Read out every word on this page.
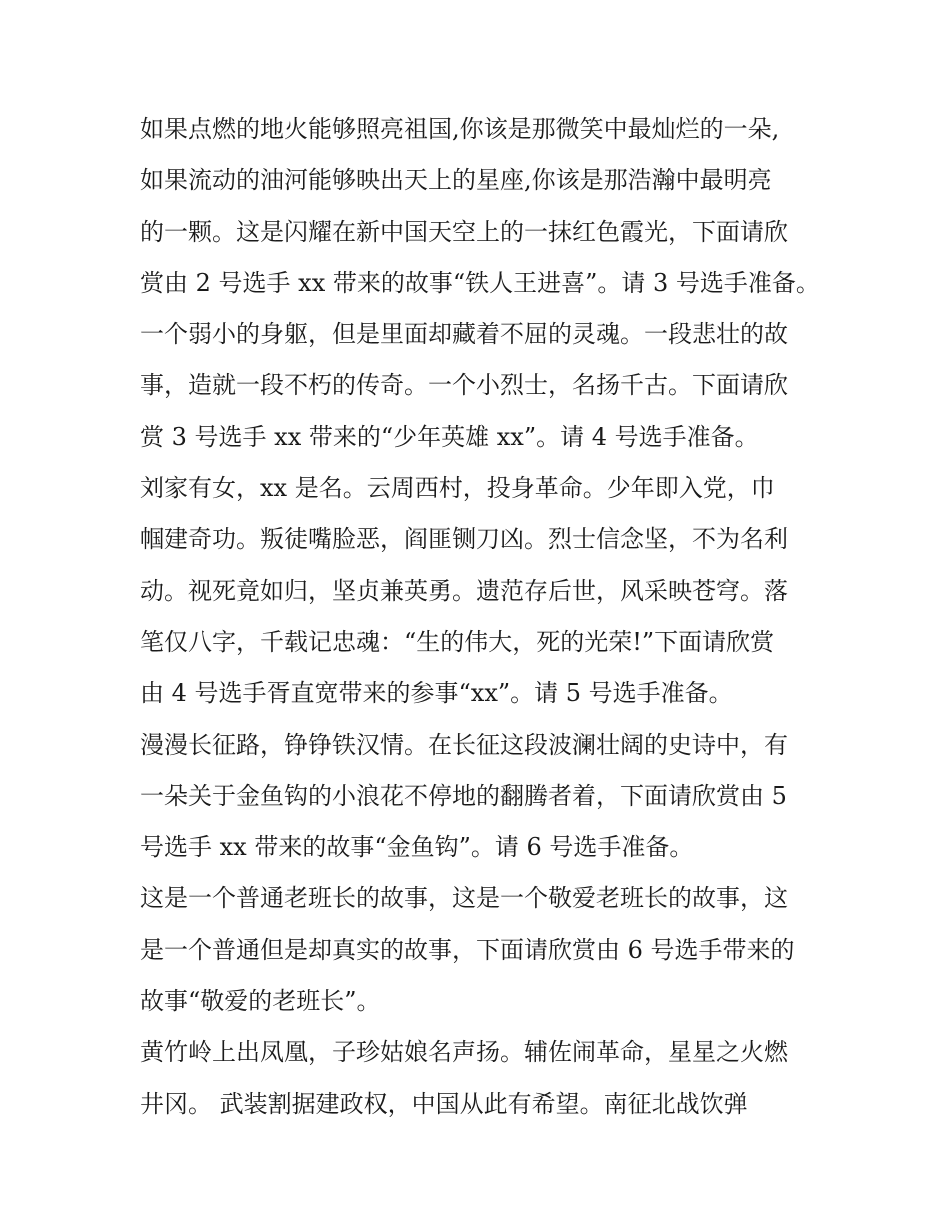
如果点燃的地火能够照亮祖国,你该是那微笑中最灿烂的一朵,
如果流动的油河能够映出天上的星座,你该是那浩瀚中最明亮
的一颗。这是闪耀在新中国天空上的一抹红色霞光，下面请欣
赏由 2 号选手 xx 带来的故事“铁人王进喜”。请 3 号选手准备。
一个弱小的身躯，但是里面却藏着不屈的灵魂。一段悲壮的故
事，造就一段不朽的传奇。一个小烈士，名扬千古。下面请欣
赏 3 号选手 xx 带来的“少年英雄 xx”。请 4 号选手准备。
刘家有女，xx 是名。云周西村，投身革命。少年即入党，巾
帼建奇功。叛徒嘴脸恶，阎匪铡刀凶。烈士信念坚，不为名利
动。视死竟如归，坚贞兼英勇。遗范存后世，风采映苍穹。落
笔仅八字，千载记忠魂：“生的伟大，死的光荣!”下面请欣赏
由 4 号选手胥直宽带来的参事“xx”。请 5 号选手准备。
漫漫长征路，铮铮铁汉情。在长征这段波澜壮阔的史诗中，有
一朵关于金鱼钩的小浪花不停地的翻腾者着，下面请欣赏由 5
号选手 xx 带来的故事“金鱼钩”。请 6 号选手准备。
这是一个普通老班长的故事，这是一个敬爱老班长的故事，这
是一个普通但是却真实的故事，下面请欣赏由 6 号选手带来的
故事“敬爱的老班长”。
黄竹岭上出凤凰，子珍姑娘名声扬。辅佐闹革命，星星之火燃
井冈。 武装割据建政权，中国从此有希望。南征北战饮弹
